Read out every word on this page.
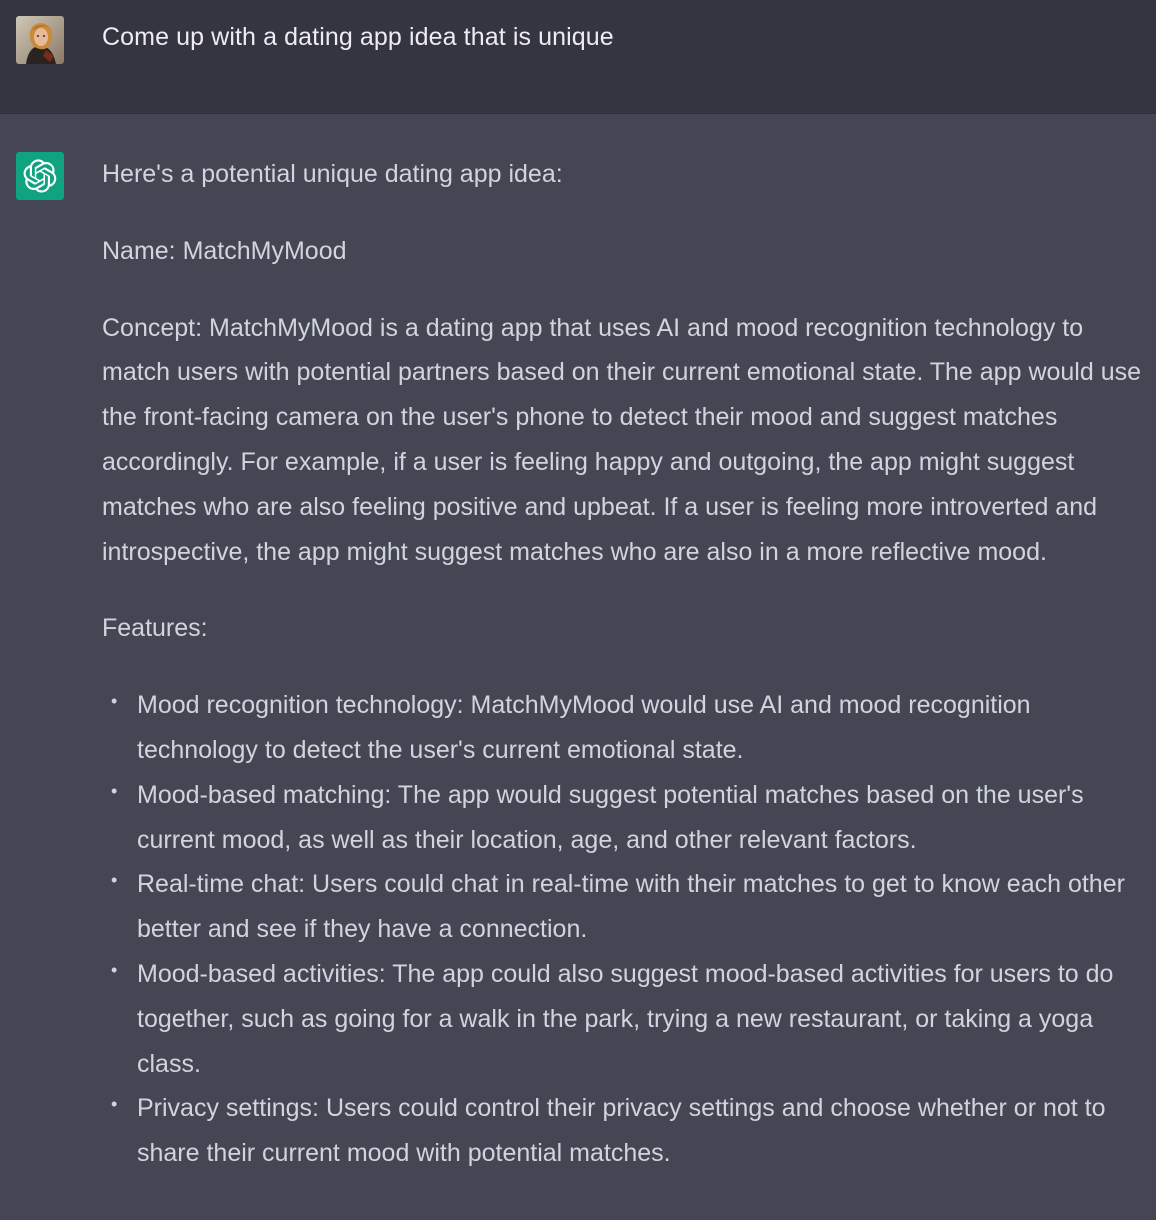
Come up with a dating app idea that is unique

Here's a potential unique dating app idea:

Name: MatchMyMood

Concept: MatchMyMood is a dating app that uses AI and mood recognition technology to match users with potential partners based on their current emotional state. The app would use the front-facing camera on the user's phone to detect their mood and suggest matches accordingly. For example, if a user is feeling happy and outgoing, the app might suggest matches who are also feeling positive and upbeat. If a user is feeling more introverted and introspective, the app might suggest matches who are also in a more reflective mood.

Features:

• Mood recognition technology: MatchMyMood would use AI and mood recognition technology to detect the user's current emotional state.
• Mood-based matching: The app would suggest potential matches based on the user's current mood, as well as their location, age, and other relevant factors.
• Real-time chat: Users could chat in real-time with their matches to get to know each other better and see if they have a connection.
• Mood-based activities: The app could also suggest mood-based activities for users to do together, such as going for a walk in the park, trying a new restaurant, or taking a yoga class.
• Privacy settings: Users could control their privacy settings and choose whether or not to share their current mood with potential matches.
